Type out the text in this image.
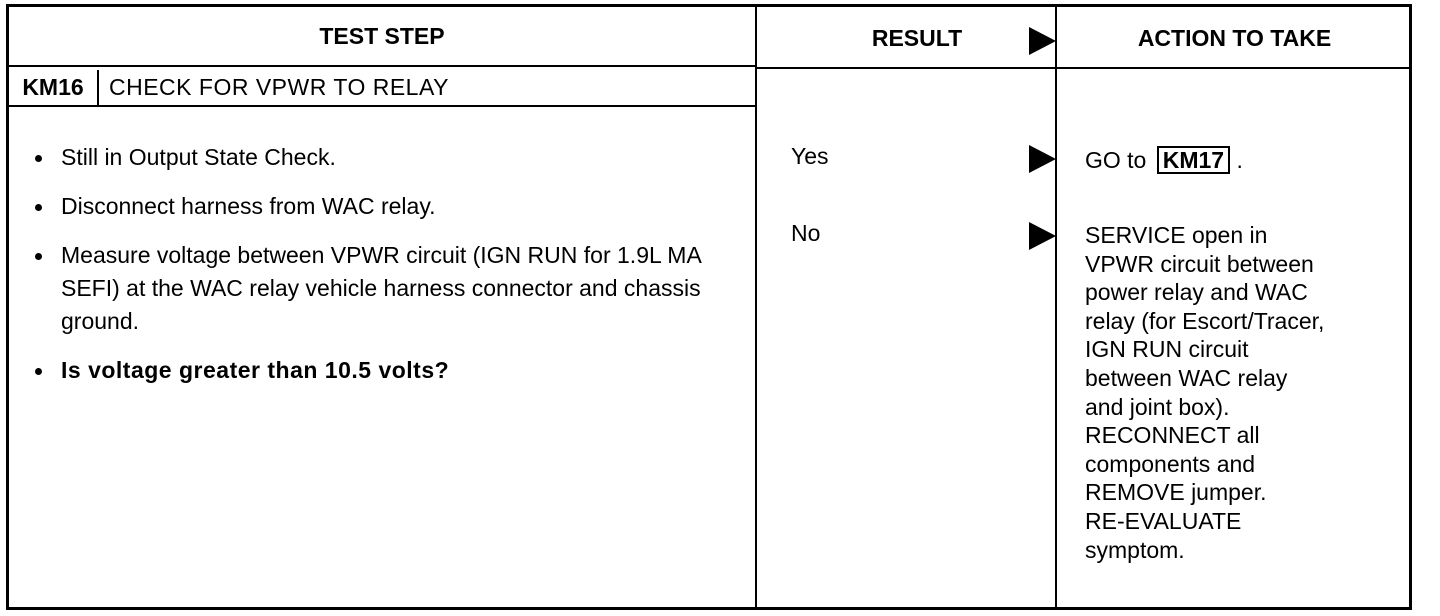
TEST STEP	RESULT	ACTION TO TAKE
KM16	CHECK FOR VPWR TO RELAY
Still in Output State Check.
Disconnect harness from WAC relay.
Measure voltage between VPWR circuit (IGN RUN for 1.9L MA SEFI) at the WAC relay vehicle harness connector and chassis ground.
Is voltage greater than 10.5 volts?
Yes	GO to KM17 .
No	SERVICE open in
VPWR circuit between
power relay and WAC
relay (for Escort/Tracer,
IGN RUN circuit
between WAC relay
and joint box).
RECONNECT all
components and
REMOVE jumper.
RE-EVALUATE
symptom.
